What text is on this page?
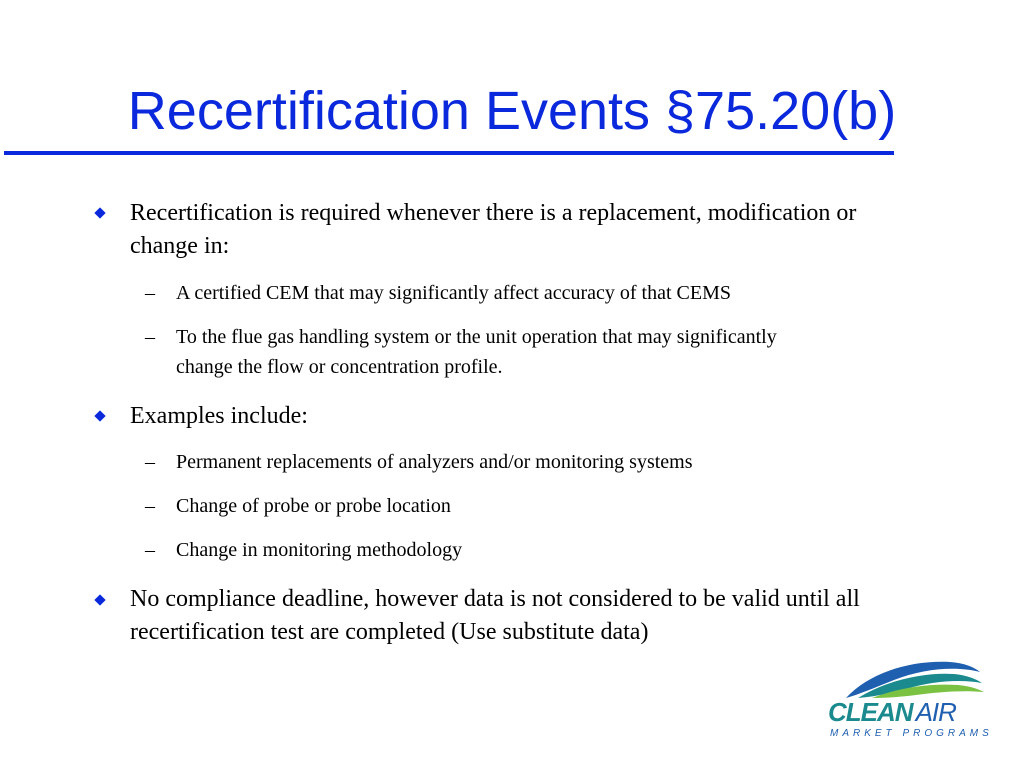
Recertification Events §75.20(b)
Recertification is required whenever there is a replacement, modification or change in:
– A certified CEM that may significantly affect accuracy of that CEMS
– To the flue gas handling system or the unit operation that may significantly change the flow or concentration profile.
Examples include:
– Permanent replacements of analyzers and/or monitoring systems
– Change of probe or probe location
– Change in monitoring methodology
No compliance deadline, however data is not considered to be valid until all recertification test are completed (Use substitute data)
CLEAN AIR
MARKET PROGRAMS
